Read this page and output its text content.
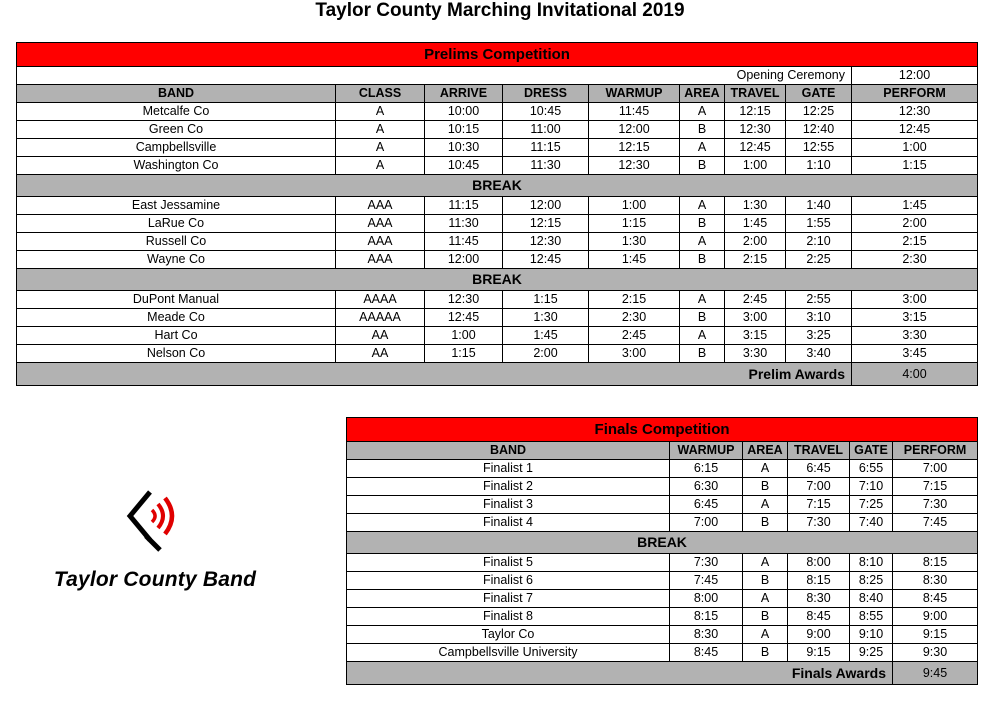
Taylor County Marching Invitational 2019
Prelims Competition								
Opening Ceremony								12:00
BAND	CLASS	ARRIVE	DRESS	WARMUP	AREA	TRAVEL	GATE	PERFORM
Metcalfe Co	A	10:00	10:45	11:45	A	12:15	12:25	12:30
Green Co	A	10:15	11:00	12:00	B	12:30	12:40	12:45
Campbellsville	A	10:30	11:15	12:15	A	12:45	12:55	1:00
Washington Co	A	10:45	11:30	12:30	B	1:00	1:10	1:15
BREAK								
East Jessamine	AAA	11:15	12:00	1:00	A	1:30	1:40	1:45
LaRue Co	AAA	11:30	12:15	1:15	B	1:45	1:55	2:00
Russell Co	AAA	11:45	12:30	1:30	A	2:00	2:10	2:15
Wayne Co	AAA	12:00	12:45	1:45	B	2:15	2:25	2:30
BREAK								
DuPont Manual	AAAA	12:30	1:15	2:15	A	2:45	2:55	3:00
Meade Co	AAAAA	12:45	1:30	2:30	B	3:00	3:10	3:15
Hart Co	AA	1:00	1:45	2:45	A	3:15	3:25	3:30
Nelson Co	AA	1:15	2:00	3:00	B	3:30	3:40	3:45
Prelim Awards								4:00
Finals Competition					
BAND	WARMUP	AREA	TRAVEL	GATE	PERFORM
Finalist 1	6:15	A	6:45	6:55	7:00
Finalist 2	6:30	B	7:00	7:10	7:15
Finalist 3	6:45	A	7:15	7:25	7:30
Finalist 4	7:00	B	7:30	7:40	7:45
BREAK					
Finalist 5	7:30	A	8:00	8:10	8:15
Finalist 6	7:45	B	8:15	8:25	8:30
Finalist 7	8:00	A	8:30	8:40	8:45
Finalist 8	8:15	B	8:45	8:55	9:00
Taylor Co	8:30	A	9:00	9:10	9:15
Campbellsville University	8:45	B	9:15	9:25	9:30
Finals Awards					9:45
Taylor County Band
